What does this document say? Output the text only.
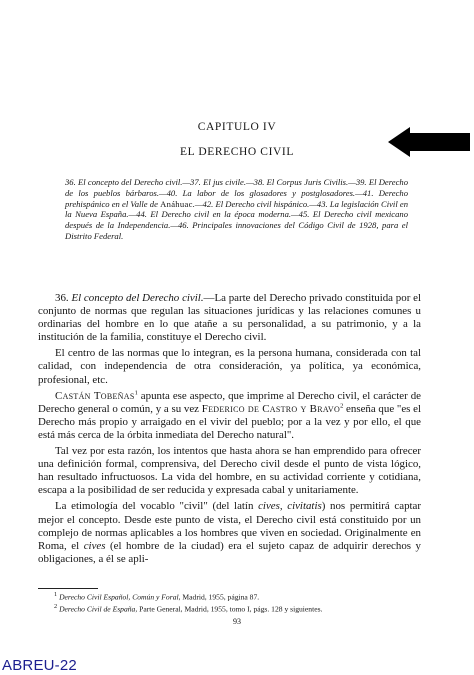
CAPITULO IV
EL DERECHO CIVIL

36. El concepto del Derecho civil.—37. El jus civile.—38. El Corpus Juris Civilis.—39. El Derecho de los pueblos bárbaros.—40. La labor de los glosadores y postglosadores.—41. Derecho prehispánico en el Valle de Anáhuac.—42. El Derecho civil hispánico.—43. La legislación Civil en la Nueva España.—44. El Derecho civil en la época moderna.—45. El Derecho civil mexicano después de la Independencia.—46. Principales innovaciones del Código Civil de 1928, para el Distrito Federal.

36. El concepto del Derecho civil.—La parte del Derecho privado constituida por el conjunto de normas que regulan las situaciones jurídicas y las relaciones comunes u ordinarias del hombre en lo que atañe a su personalidad, a su patrimonio, y a la institución de la familia, constituye el Derecho civil.

El centro de las normas que lo integran, es la persona humana, considerada con tal calidad, con independencia de otra consideración, ya política, ya económica, profesional, etc.

Castán Tobeñas$^1$ apunta ese aspecto, que imprime al Derecho civil, el carácter de Derecho general o común, y a su vez Federico de Castro y Bravo$^2$ enseña que "es el Derecho más propio y arraigado en el vivir del pueblo; por a la vez y por ello, el que está más cerca de la órbita inmediata del Derecho natural".

Tal vez por esta razón, los intentos que hasta ahora se han emprendido para ofrecer una definición formal, comprensiva, del Derecho civil desde el punto de vista lógico, han resultado infructuosos. La vida del hombre, en su actividad corriente y cotidiana, escapa a la posibilidad de ser reducida y expresada cabal y unitariamente.

La etimología del vocablo "civil" (del latín cives, civitatis) nos permitirá captar mejor el concepto. Desde este punto de vista, el Derecho civil está constituido por un complejo de normas aplicables a los hombres que viven en sociedad. Originalmente en Roma, el cives (el hombre de la ciudad) era el sujeto capaz de adquirir derechos y obligaciones, a él se apli-

$^1$ Derecho Civil Español, Común y Foral, Madrid, 1955, página 87.
$^2$ Derecho Civil de España, Parte General, Madrid, 1955, tomo I, págs. 128 y siguientes.
93
ABREU-22
